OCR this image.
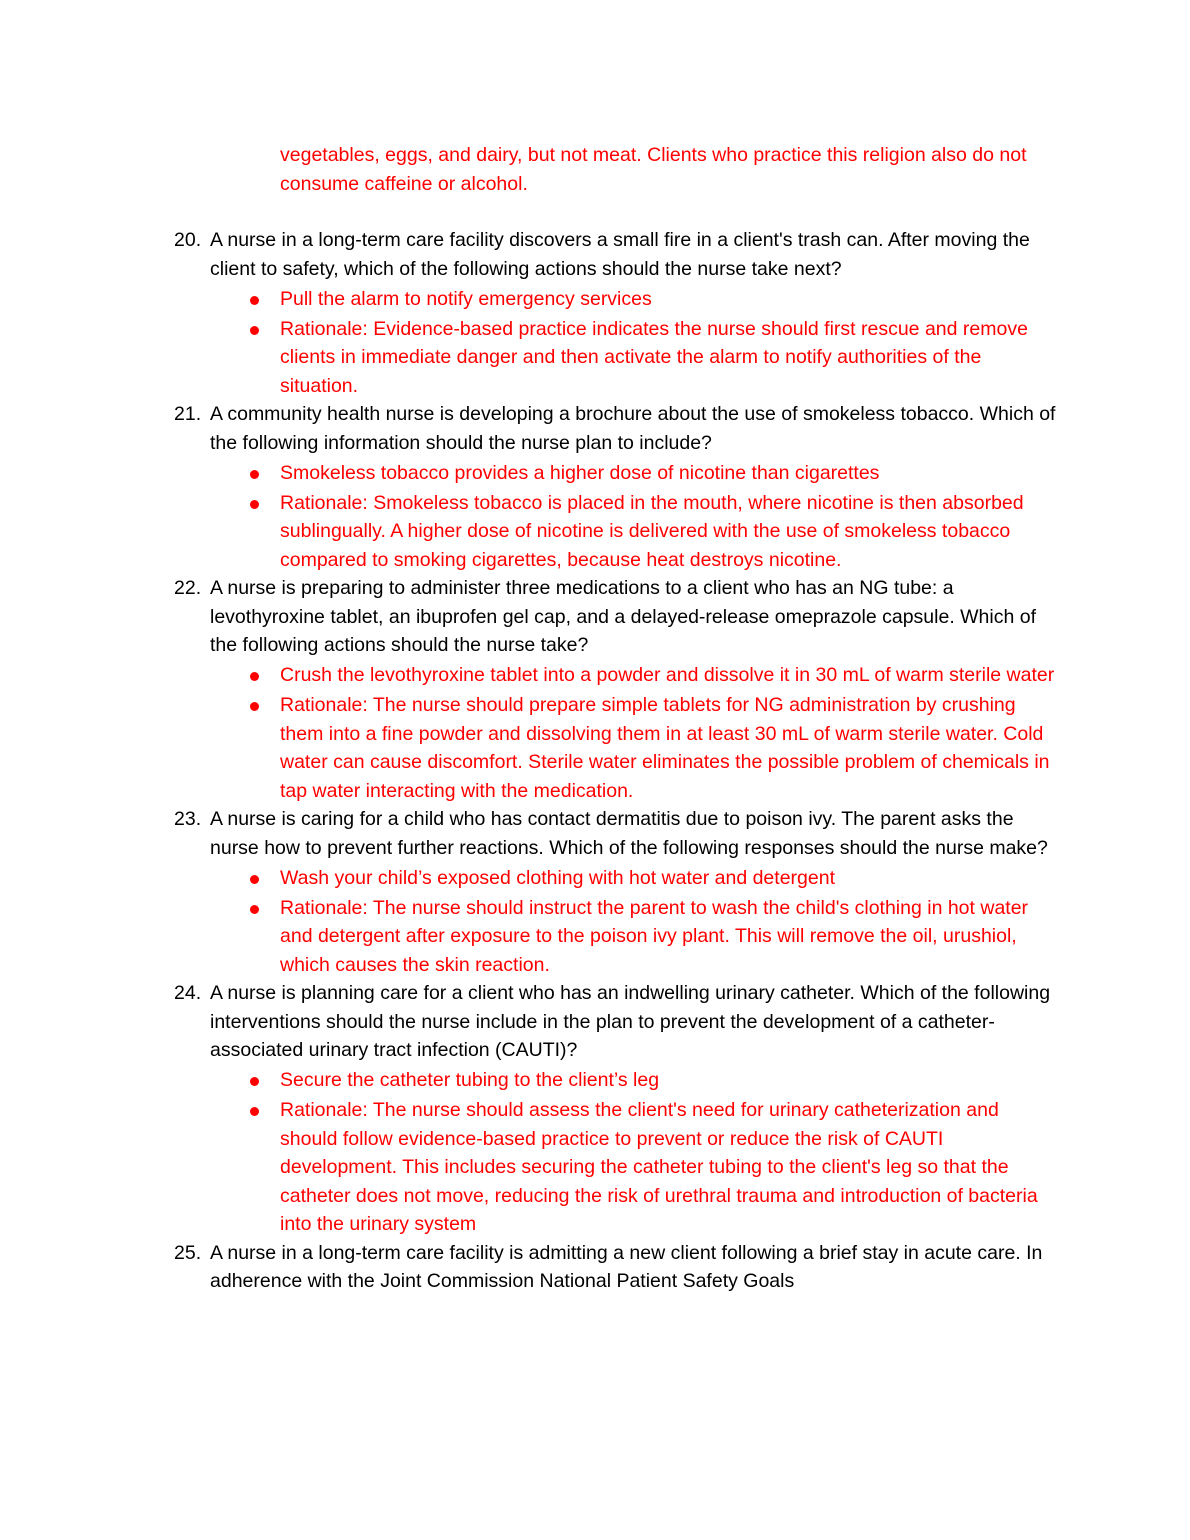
vegetables, eggs, and dairy, but not meat. Clients who practice this religion also do not consume caffeine or alcohol.
20. A nurse in a long-term care facility discovers a small fire in a client's trash can. After moving the client to safety, which of the following actions should the nurse take next?
Pull the alarm to notify emergency services
Rationale: Evidence-based practice indicates the nurse should first rescue and remove clients in immediate danger and then activate the alarm to notify authorities of the situation.
21. A community health nurse is developing a brochure about the use of smokeless tobacco. Which of the following information should the nurse plan to include?
Smokeless tobacco provides a higher dose of nicotine than cigarettes
Rationale: Smokeless tobacco is placed in the mouth, where nicotine is then absorbed sublingually. A higher dose of nicotine is delivered with the use of smokeless tobacco compared to smoking cigarettes, because heat destroys nicotine.
22. A nurse is preparing to administer three medications to a client who has an NG tube: a levothyroxine tablet, an ibuprofen gel cap, and a delayed-release omeprazole capsule. Which of the following actions should the nurse take?
Crush the levothyroxine tablet into a powder and dissolve it in 30 mL of warm sterile water
Rationale: The nurse should prepare simple tablets for NG administration by crushing them into a fine powder and dissolving them in at least 30 mL of warm sterile water. Cold water can cause discomfort. Sterile water eliminates the possible problem of chemicals in tap water interacting with the medication.
23. A nurse is caring for a child who has contact dermatitis due to poison ivy. The parent asks the nurse how to prevent further reactions. Which of the following responses should the nurse make?
Wash your child’s exposed clothing with hot water and detergent
Rationale: The nurse should instruct the parent to wash the child's clothing in hot water and detergent after exposure to the poison ivy plant. This will remove the oil, urushiol, which causes the skin reaction.
24. A nurse is planning care for a client who has an indwelling urinary catheter. Which of the following interventions should the nurse include in the plan to prevent the development of a catheter-associated urinary tract infection (CAUTI)?
Secure the catheter tubing to the client’s leg
Rationale: The nurse should assess the client's need for urinary catheterization and should follow evidence-based practice to prevent or reduce the risk of CAUTI development. This includes securing the catheter tubing to the client's leg so that the catheter does not move, reducing the risk of urethral trauma and introduction of bacteria into the urinary system
25. A nurse in a long-term care facility is admitting a new client following a brief stay in acute care. In adherence with the Joint Commission National Patient Safety Goals
